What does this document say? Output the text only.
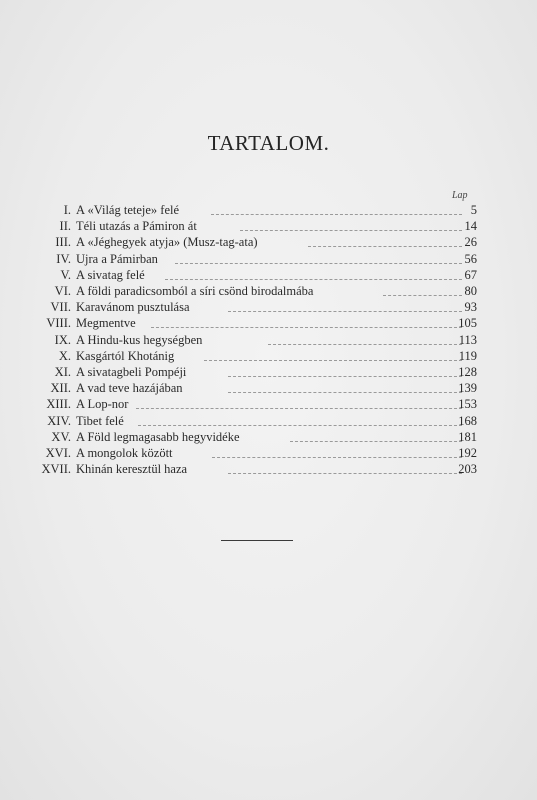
TARTALOM.
Lap
I. A «Világ teteje» felé	5
II. Téli utazás a Pámiron át	14
III. A «Jéghegyek atyja» (Musz-tag-ata)	26
IV. Ujra a Pámirban	56
V. A sivatag felé	67
VI. A földi paradicsomból a síri csönd birodalmába	80
VII. Karavánom pusztulása	93
VIII. Megmentve	105
IX. A Hindu-kus hegységben	113
X. Kasgártól Khotánig	119
XI. A sivatagbeli Pompéji	128
XII. A vad teve hazájában	139
XIII. A Lop-nor	153
XIV. Tibet felé	168
XV. A Föld legmagasabb hegyvidéke	181
XVI. A mongolok között	192
XVII. Khinán keresztül haza	203
